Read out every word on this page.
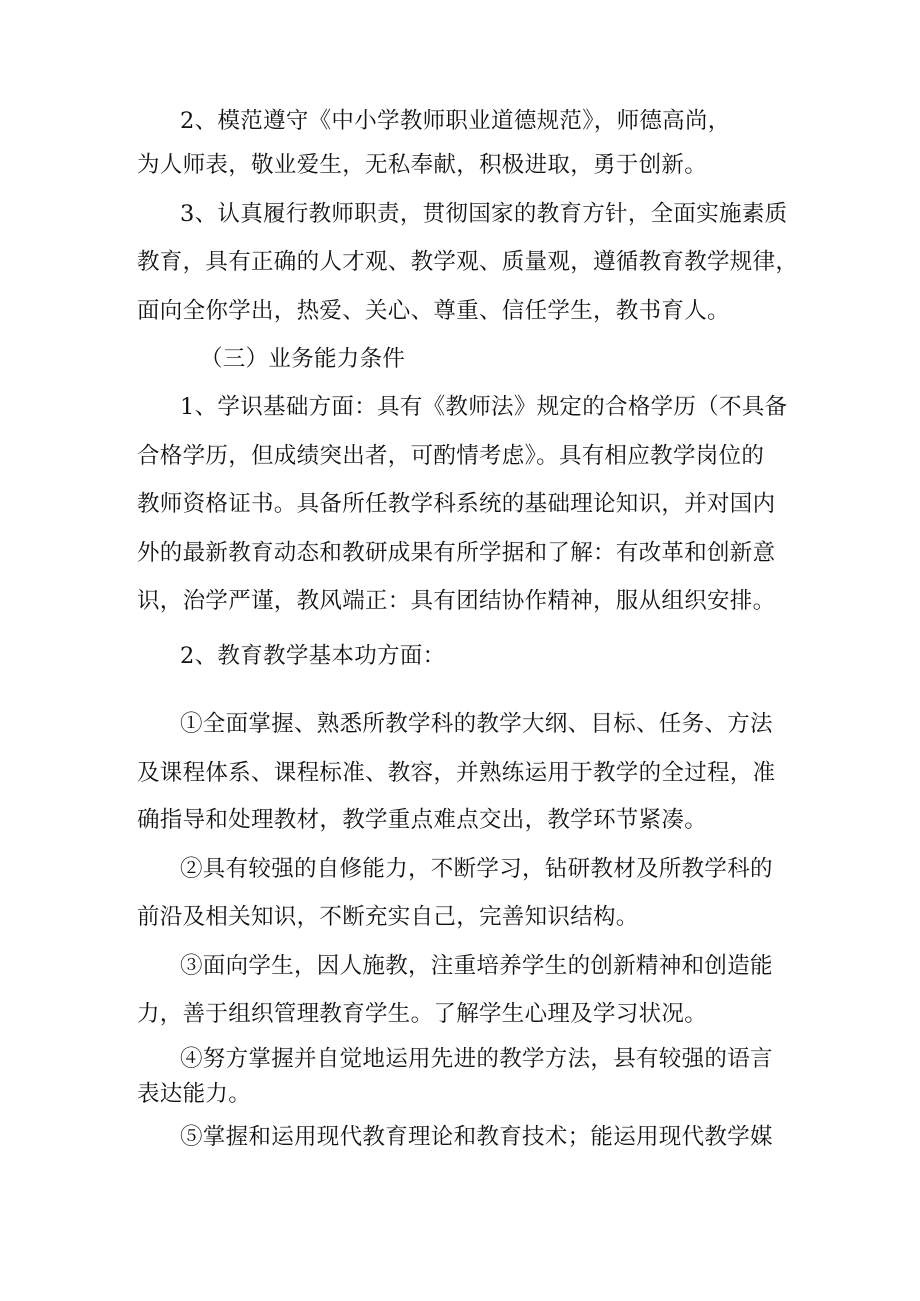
2、模范遵守《中小学教师职业道德规范》，师德高尚，
为人师表，敬业爱生，无私奉献，积极进取，勇于创新。
3、认真履行教师职责，贯彻国家的教育方针，全面实施素质
教育，具有正确的人才观、教学观、质量观，遵循教育教学规律，
面向全你学出，热爱、关心、尊重、信任学生，教书育人。
（三）业务能力条件
1、学识基础方面：具有《教师法》规定的合格学历（不具备
合格学历，但成绩突出者，可酌情考虑》。具有相应教学岗位的
教师资格证书。具备所任教学科系统的基础理论知识，并对国内
外的最新教育动态和教研成果有所学据和了解：有改革和创新意
识，治学严谨，教风端正：具有团结协作精神，服从组织安排。
2、教育教学基本功方面：
①全面掌握、熟悉所教学科的教学大纲、目标、任务、方法
及课程体系、课程标准、教容，并熟练运用于教学的全过程，准
确指导和处理教材，教学重点难点交出，教学环节紧凑。
②具有较强的自修能力，不断学习，钻研教材及所教学科的
前沿及相关知识，不断充实自己，完善知识结构。
③面向学生，因人施教，注重培养学生的创新精神和创造能
力，善于组织管理教育学生。了解学生心理及学习状况。
④努方掌握并自觉地运用先进的教学方法，县有较强的语言
表达能力。
⑤掌握和运用现代教育理论和教育技术；能运用现代教学媒
